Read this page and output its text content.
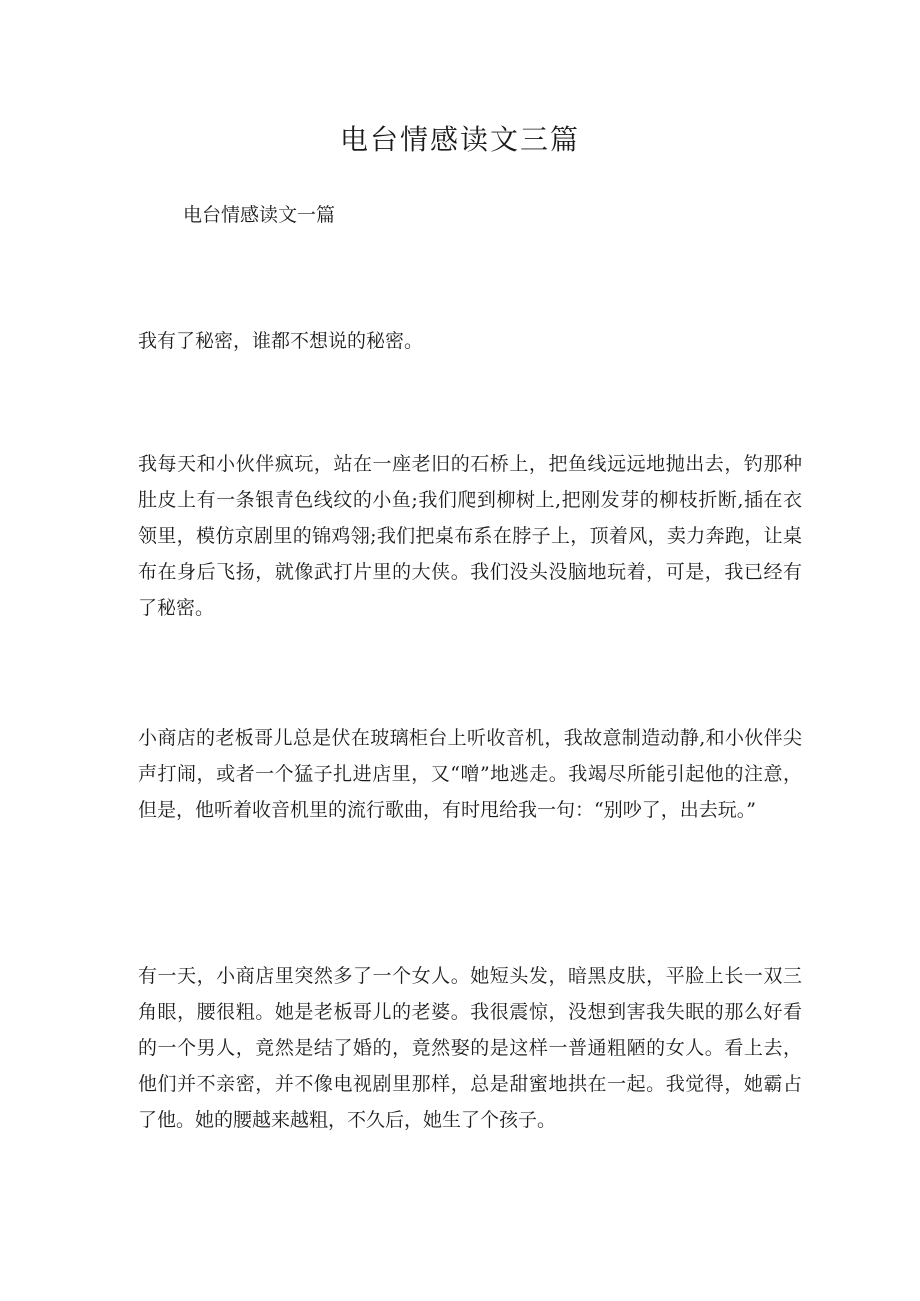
电台情感读文三篇
电台情感读文一篇

我有了秘密，谁都不想说的秘密。

我每天和小伙伴疯玩，站在一座老旧的石桥上，把鱼线远远地抛出去，钓那种肚皮上有一条银青色线纹的小鱼;我们爬到柳树上,把刚发芽的柳枝折断,插在衣领里，模仿京剧里的锦鸡翎;我们把桌布系在脖子上，顶着风，卖力奔跑，让桌布在身后飞扬，就像武打片里的大侠。我们没头没脑地玩着，可是，我已经有了秘密。

小商店的老板哥儿总是伏在玻璃柜台上听收音机，我故意制造动静,和小伙伴尖声打闹，或者一个猛子扎进店里，又“噌”地逃走。我竭尽所能引起他的注意，但是，他听着收音机里的流行歌曲，有时甩给我一句：“别吵了，出去玩。”

有一天，小商店里突然多了一个女人。她短头发，暗黑皮肤，平脸上长一双三角眼，腰很粗。她是老板哥儿的老婆。我很震惊，没想到害我失眠的那么好看的一个男人，竟然是结了婚的，竟然娶的是这样一普通粗陋的女人。看上去，他们并不亲密，并不像电视剧里那样，总是甜蜜地拱在一起。我觉得，她霸占了他。她的腰越来越粗，不久后，她生了个孩子。
